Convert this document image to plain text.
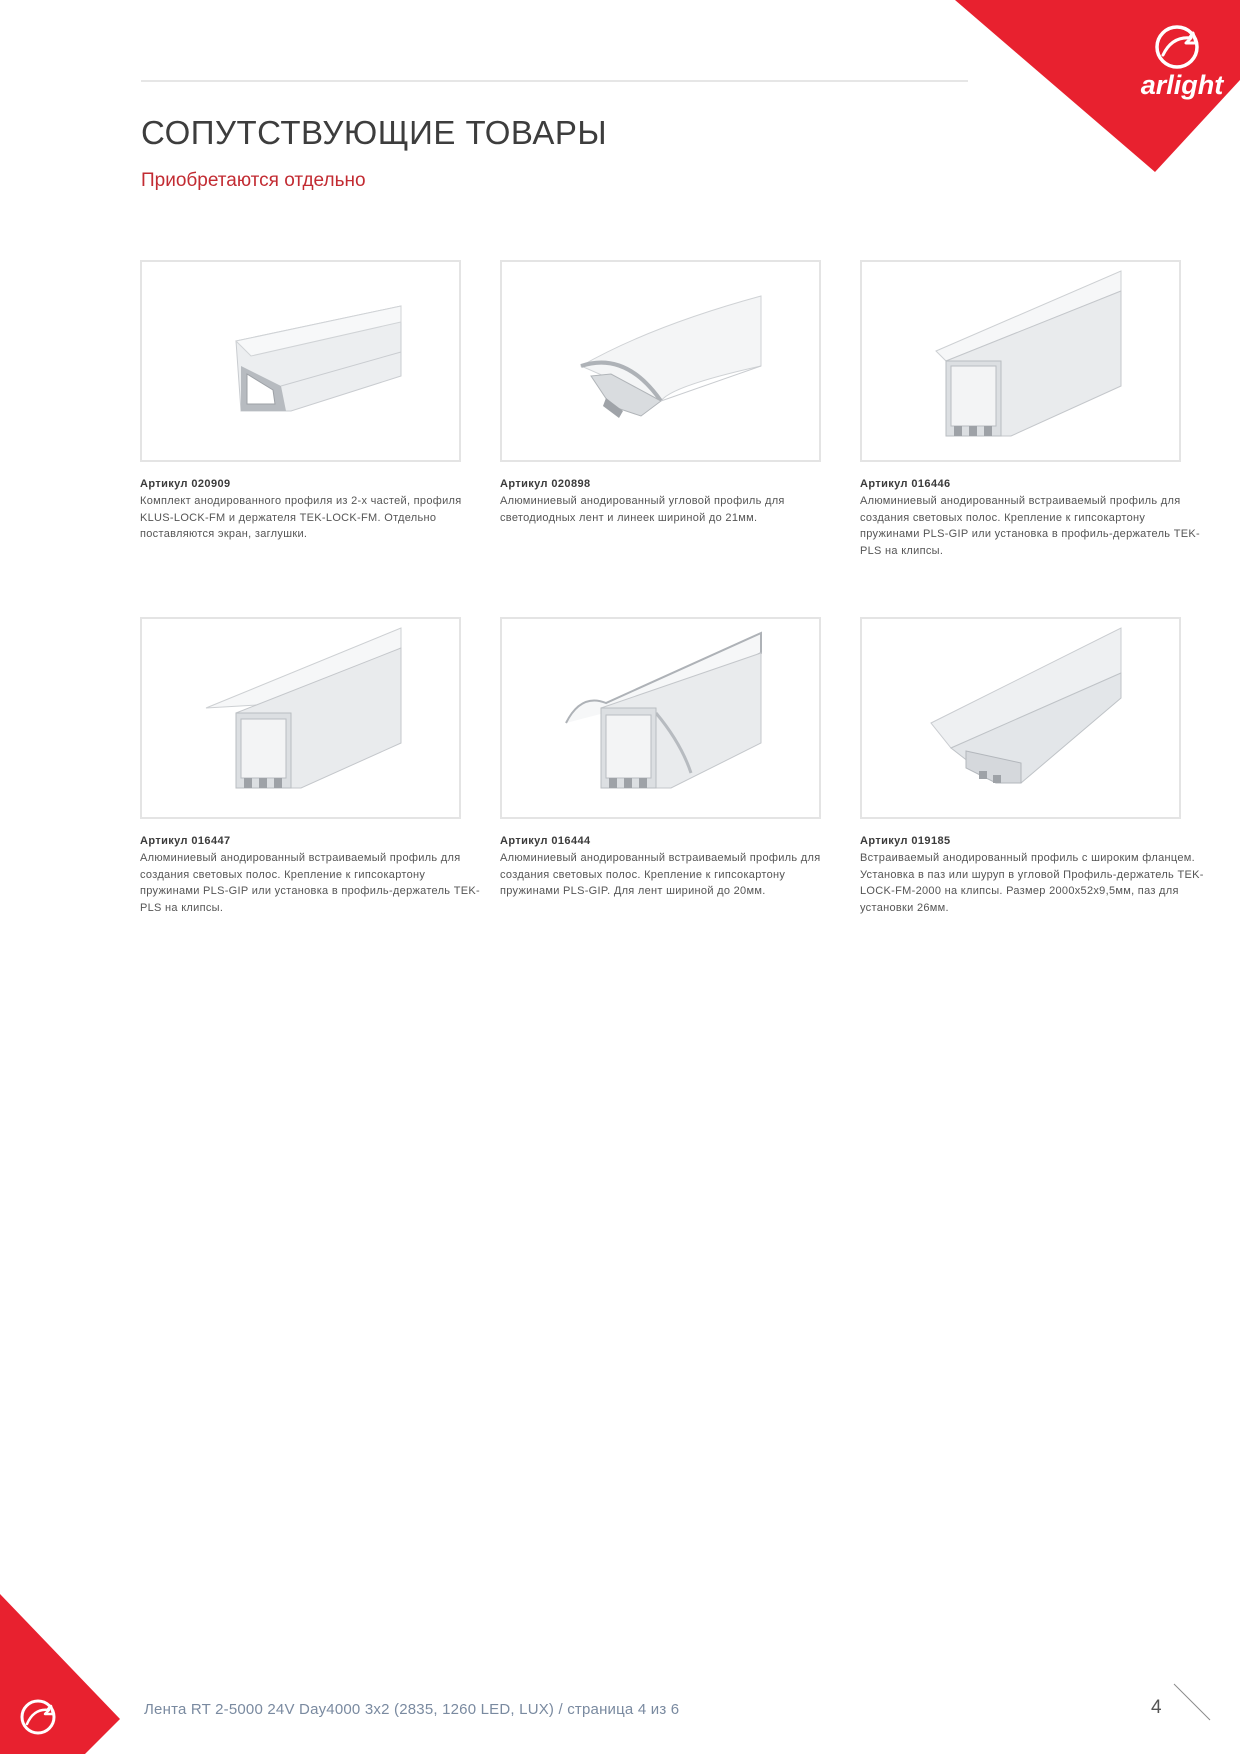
arlight
СОПУТСТВУЮЩИЕ ТОВАРЫ
Приобретаются отдельно
Артикул 020909
Комплект анодированного профиля из 2-х частей, профиля KLUS-LOCK-FM и держателя TEK-LOCK-FM. Отдельно поставляются экран, заглушки.
Артикул 020898
Алюминиевый анодированный угловой профиль для светодиодных лент и линеек шириной до 21мм.
Артикул 016446
Алюминиевый анодированный встраиваемый профиль для создания световых полос. Крепление к гипсокартону пружинами PLS-GIP или установка в профиль-держатель TEK-PLS на клипсы.
Артикул 016447
Алюминиевый анодированный встраиваемый профиль для создания световых полос. Крепление к гипсокартону пружинами PLS-GIP или установка в профиль-держатель TEK-PLS на клипсы.
Артикул 016444
Алюминиевый анодированный встраиваемый профиль для создания световых полос. Крепление к гипсокартону пружинами PLS-GIP. Для лент шириной до 20мм.
Артикул 019185
Встраиваемый анодированный профиль с широким фланцем. Установка в паз или шуруп в угловой Профиль-держатель TEK-LOCK-FM-2000 на клипсы. Размер 2000x52x9,5мм, паз для установки 26мм.
Лента RT 2-5000 24V Day4000 3x2 (2835, 1260 LED, LUX) / страница 4 из 6	4
